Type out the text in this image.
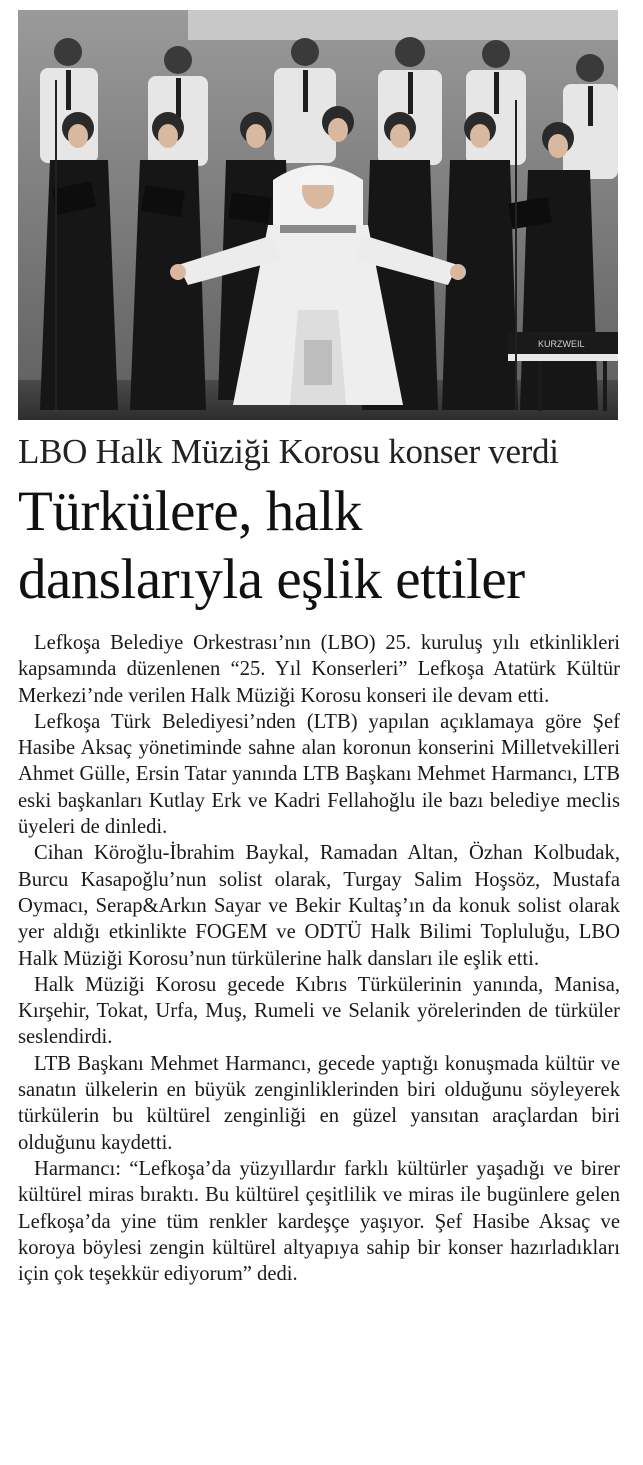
KURZWEIL
LBO Halk Müziği Korosu konser verdi
Türkülere, halk
danslarıyla eşlik ettiler

Lefkoşa Belediye Orkestrası’nın (LBO) 25. kuruluş yılı etkinlikleri kapsamında düzenlenen “25. Yıl Konserleri” Lefkoşa Atatürk Kültür Merkezi’nde verilen Halk Müziği Korosu konseri ile devam etti.

Lefkoşa Türk Belediyesi’nden (LTB) yapılan açıklamaya göre Şef Hasibe Aksaç yönetiminde sahne alan koronun konserini Milletvekilleri Ahmet Gülle, Ersin Tatar yanında LTB Başkanı Mehmet Harmancı, LTB eski başkanları Kutlay Erk ve Kadri Fellahoğlu ile bazı belediye meclis üyeleri de dinledi.

Cihan Köroğlu-İbrahim Baykal, Ramadan Altan, Özhan Kolbudak, Burcu Kasapoğlu’nun solist olarak, Turgay Salim Hoşsöz, Mustafa Oymacı, Serap&Arkın Sayar ve Bekir Kultaş’ın da konuk solist olarak yer aldığı etkinlikte FOGEM ve ODTÜ Halk Bilimi Topluluğu, LBO Halk Müziği Korosu’nun türkülerine halk dansları ile eşlik etti.

Halk Müziği Korosu gecede Kıbrıs Türkülerinin yanında, Manisa, Kırşehir, Tokat, Urfa, Muş, Rumeli ve Selanik yörelerinden de türküler seslendirdi.

LTB Başkanı Mehmet Harmancı, gecede yaptığı konuşmada kültür ve sanatın ülkelerin en büyük zenginliklerinden biri olduğunu söyleyerek türkülerin bu kültürel zenginliği en güzel yansıtan araçlardan biri olduğunu kaydetti.

Harmancı: “Lefkoşa’da yüzyıllardır farklı kültürler yaşadığı ve birer kültürel miras bıraktı. Bu kültürel çeşitlilik ve miras ile bugünlere gelen Lefkoşa’da yine tüm renkler kardeşçe yaşıyor. Şef Hasibe Aksaç ve koroya böylesi zengin kültürel altyapıya sahip bir konser hazırladıkları için çok teşekkür ediyorum” dedi.
